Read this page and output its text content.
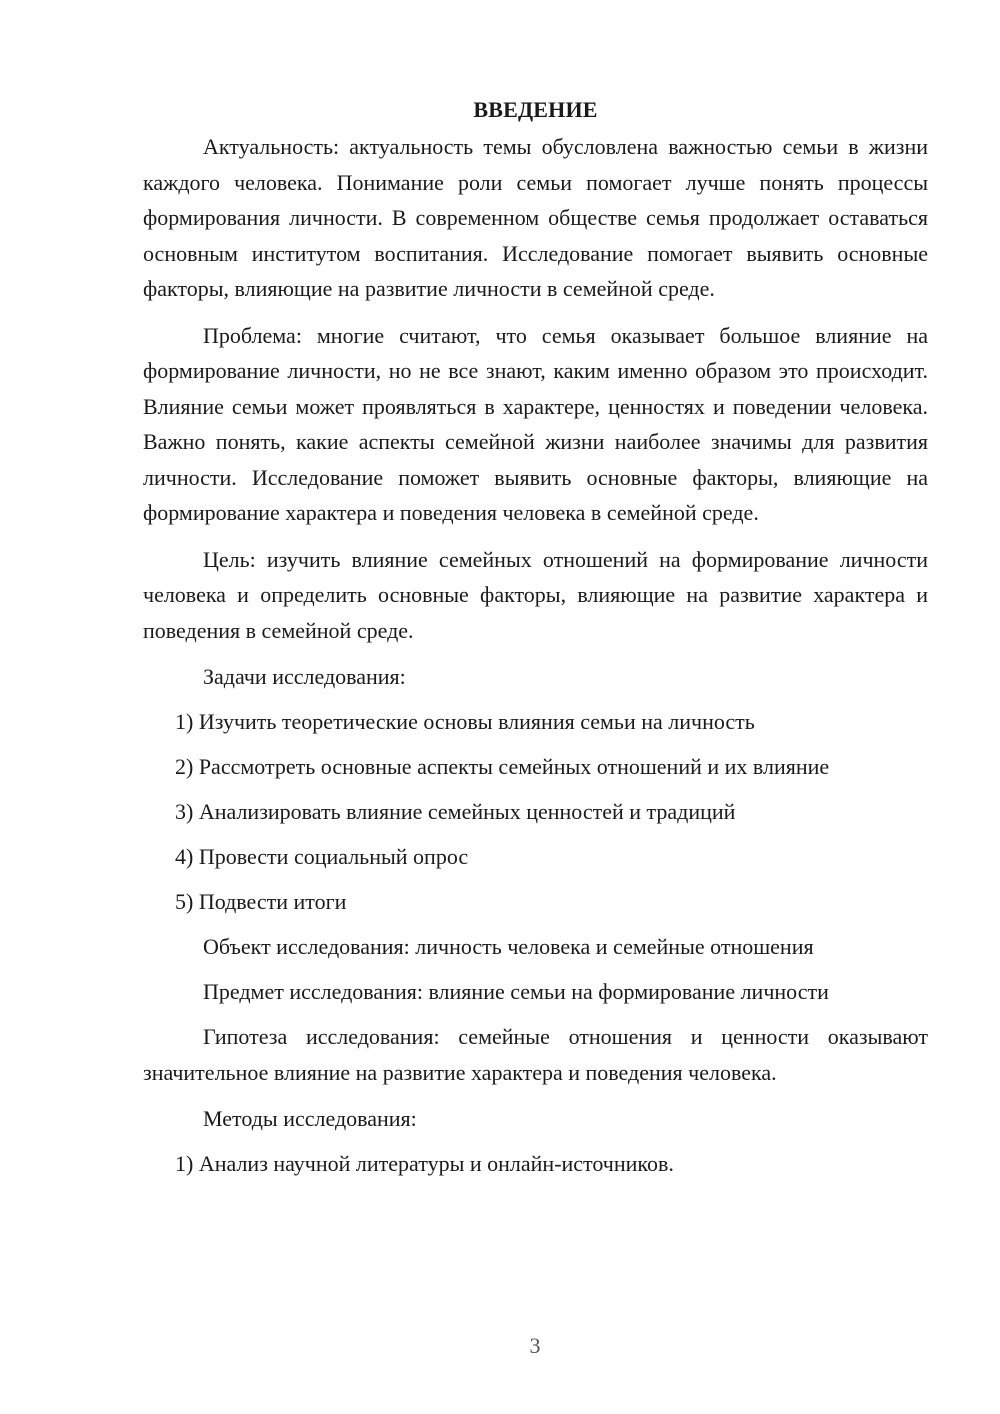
ВВЕДЕНИЕ

Актуальность: актуальность темы обусловлена важностью семьи в жизни каждого человека. Понимание роли семьи помогает лучше понять процессы формирования личности. В современном обществе семья продолжает оставаться основным институтом воспитания. Исследование помогает выявить основные факторы, влияющие на развитие личности в семейной среде.

Проблема: многие считают, что семья оказывает большое влияние на формирование личности, но не все знают, каким именно образом это происходит. Влияние семьи может проявляться в характере, ценностях и поведении человека. Важно понять, какие аспекты семейной жизни наиболее значимы для развития личности. Исследование поможет выявить основные факторы, влияющие на формирование характера и поведения человека в семейной среде.

Цель: изучить влияние семейных отношений на формирование личности человека и определить основные факторы, влияющие на развитие характера и поведения в семейной среде.

Задачи исследования:
1) Изучить теоретические основы влияния семьи на личность
2) Рассмотреть основные аспекты семейных отношений и их влияние
3) Анализировать влияние семейных ценностей и традиций
4) Провести социальный опрос
5) Подвести итоги
Объект исследования: личность человека и семейные отношения
Предмет исследования: влияние семьи на формирование личности

Гипотеза исследования: семейные отношения и ценности оказывают значительное влияние на развитие характера и поведения человека.

Методы исследования:
1) Анализ научной литературы и онлайн-источников.
3
